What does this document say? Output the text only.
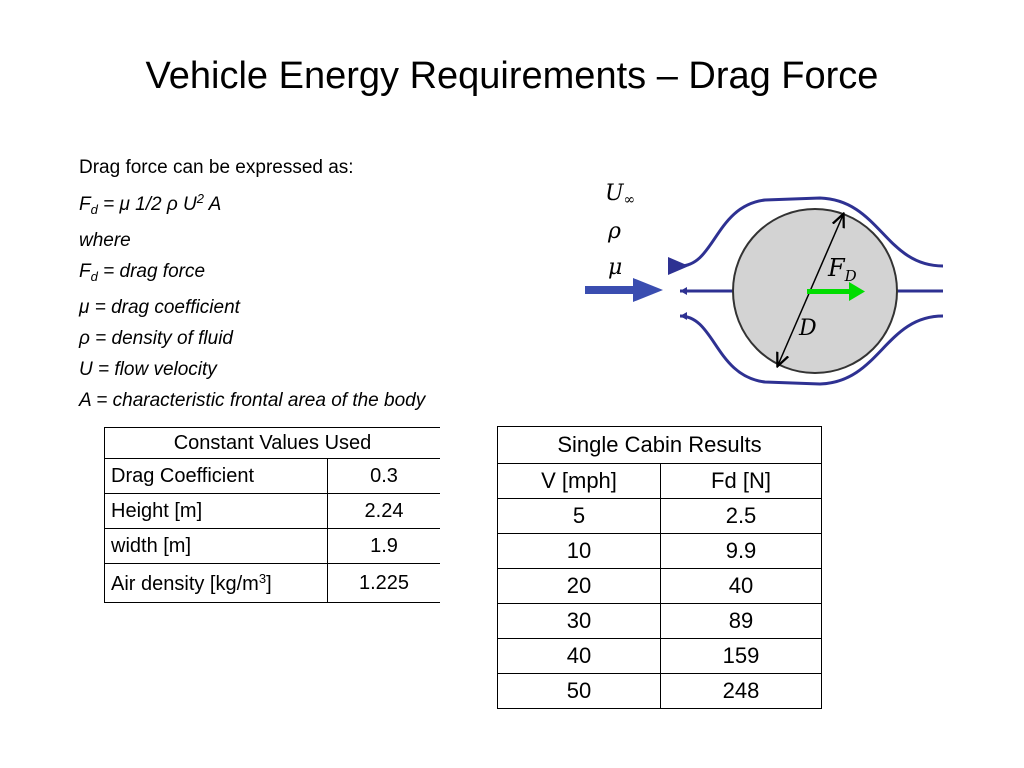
Vehicle Energy Requirements – Drag Force
Drag force can be expressed as:
$F_d = \mu$ 1/2 ρ $U^2$ A
where
$F_d$ = drag force
μ = drag coefficient
ρ = density of fluid
U = flow velocity
A = characteristic frontal area of the body
U∞
ρ
μ	$F_D$
D
Constant Values Used
Drag Coefficient	0.3
Height [m]	2.24
width [m]	1.9
Air density $[kg/m^3]$	1.225
Single Cabin Results	
V [mph]	Fd [N]
5	2.5
10	9.9
20	40
30	89
40	159
50	248
